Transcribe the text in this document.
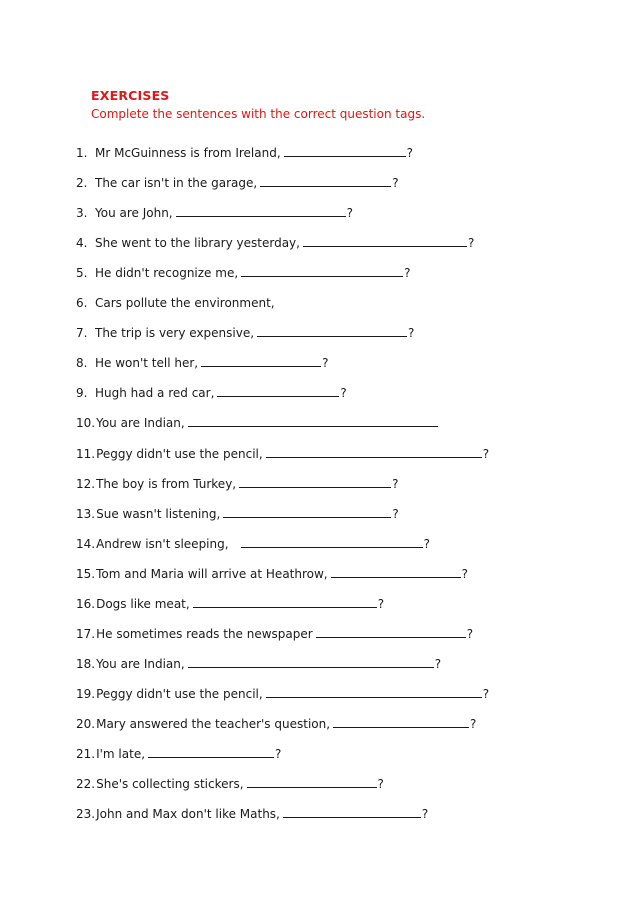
EXERCISES
Complete the sentences with the correct question tags.
1. Mr McGuinness is from Ireland,	?
2. The car isn't in the garage,	?
3. You are John,	?
4. She went to the library yesterday,	?
5. He didn't recognize me,	?
6. Cars pollute the environment,
7. The trip is very expensive,	?
8. He won't tell her,	?
9. Hugh had a red car,	?
10. You are Indian,
11. Peggy didn't use the pencil,	?
12. The boy is from Turkey,	?
13. Sue wasn't listening,	?
14. Andrew isn't sleeping,	?
15. Tom and Maria will arrive at Heathrow,	?
16. Dogs like meat,	?
17. He sometimes reads the newspaper	?
18. You are Indian,	?
19. Peggy didn't use the pencil,	?
20. Mary answered the teacher's question,	?
21. I'm late,	?
22. She's collecting stickers,	?
23. John and Max don't like Maths,	?
